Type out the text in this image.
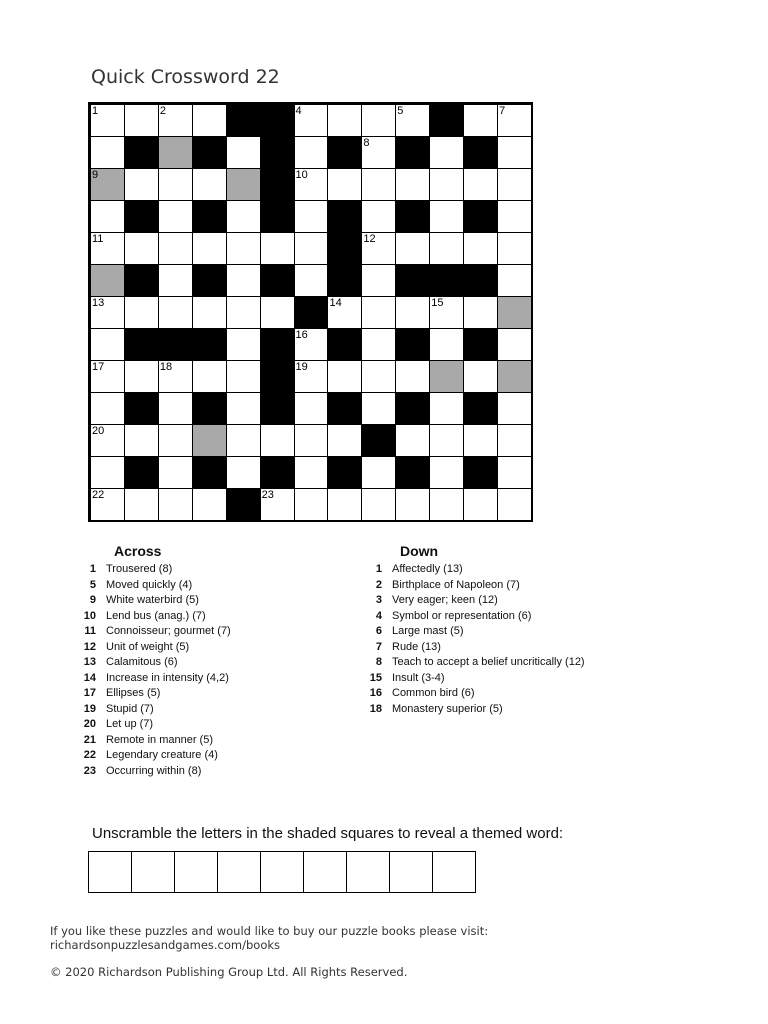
Quick Crossword 22
1	2	3	4	5	6	7
8
9	10
11	12
13	14	15
16
17	18	19
20	21
22	23
Across
1 Trousered (8)
5 Moved quickly (4)
9 White waterbird (5)
10 Lend bus (anag.) (7)
11 Connoisseur; gourmet (7)
12 Unit of weight (5)
13 Calamitous (6)
14 Increase in intensity (4,2)
17 Ellipses (5)
19 Stupid (7)
20 Let up (7)
21 Remote in manner (5)
22 Legendary creature (4)
23 Occurring within (8)
Down
1 Affectedly (13)
2 Birthplace of Napoleon (7)
3 Very eager; keen (12)
4 Symbol or representation (6)
6 Large mast (5)
7 Rude (13)
8 Teach to accept a belief uncritically (12)
15 Insult (3-4)
16 Common bird (6)
18 Monastery superior (5)
Unscramble the letters in the shaded squares to reveal a themed word:
If you like these puzzles and would like to buy our puzzle books please visit:
richardsonpuzzlesandgames.com/books
© 2020 Richardson Publishing Group Ltd. All Rights Reserved.
